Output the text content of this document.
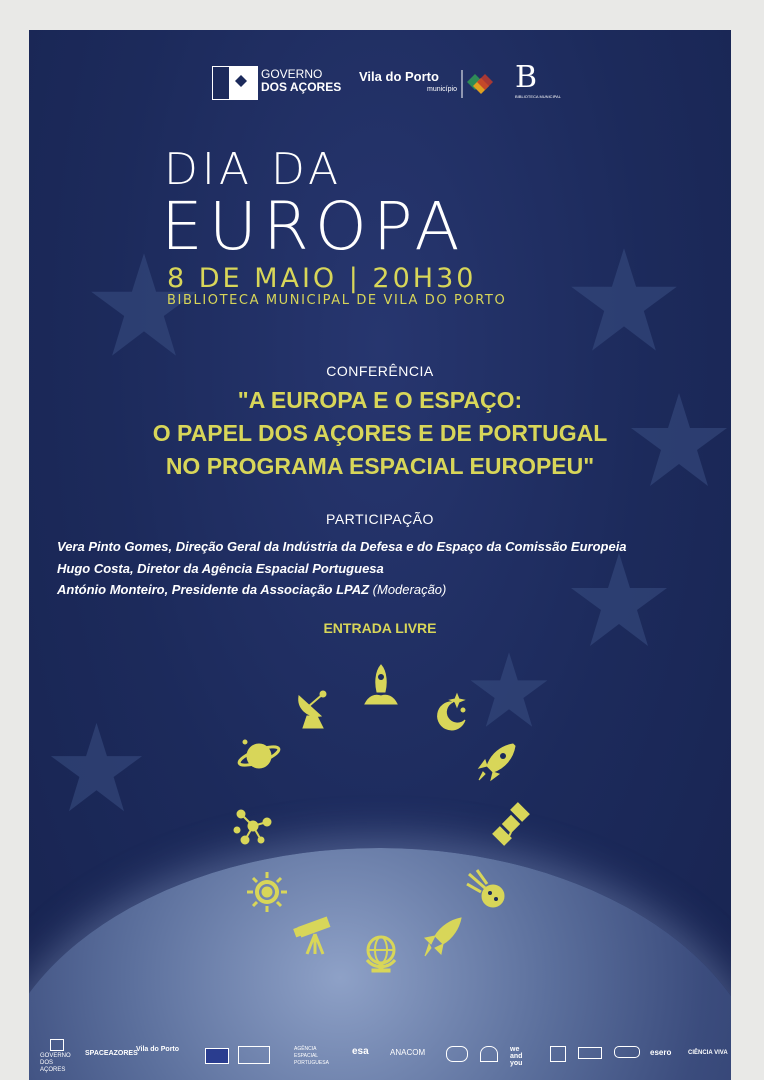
GOVERNO
DOS AÇORES
Vila do Porto
município B
BIBLIOTECA MUNICIPAL
DIA DA
EUROPA
8 DE MAIO | 20H30
BIBLIOTECA MUNICIPAL DE VILA DO PORTO
CONFERÊNCIA
"A EUROPA E O ESPAÇO:
O PAPEL DOS AÇORES E DE PORTUGAL
NO PROGRAMA ESPACIAL EUROPEU"
PARTICIPAÇÃO
Vera Pinto Gomes, Direção Geral da Indústria da Defesa e do Espaço da Comissão Europeia
Hugo Costa, Diretor da Agência Espacial Portuguesa
António Monteiro, Presidente da Associação LPAZ (Moderação)
ENTRADA LIVRE
GOVERNO DOS AÇORES
SPACEAZORES
Vila do Porto	AGÊNCIA ESPACIAL PORTUGUESA
esa	ANACOM	we and you
esero	CIÊNCIA VIVA
